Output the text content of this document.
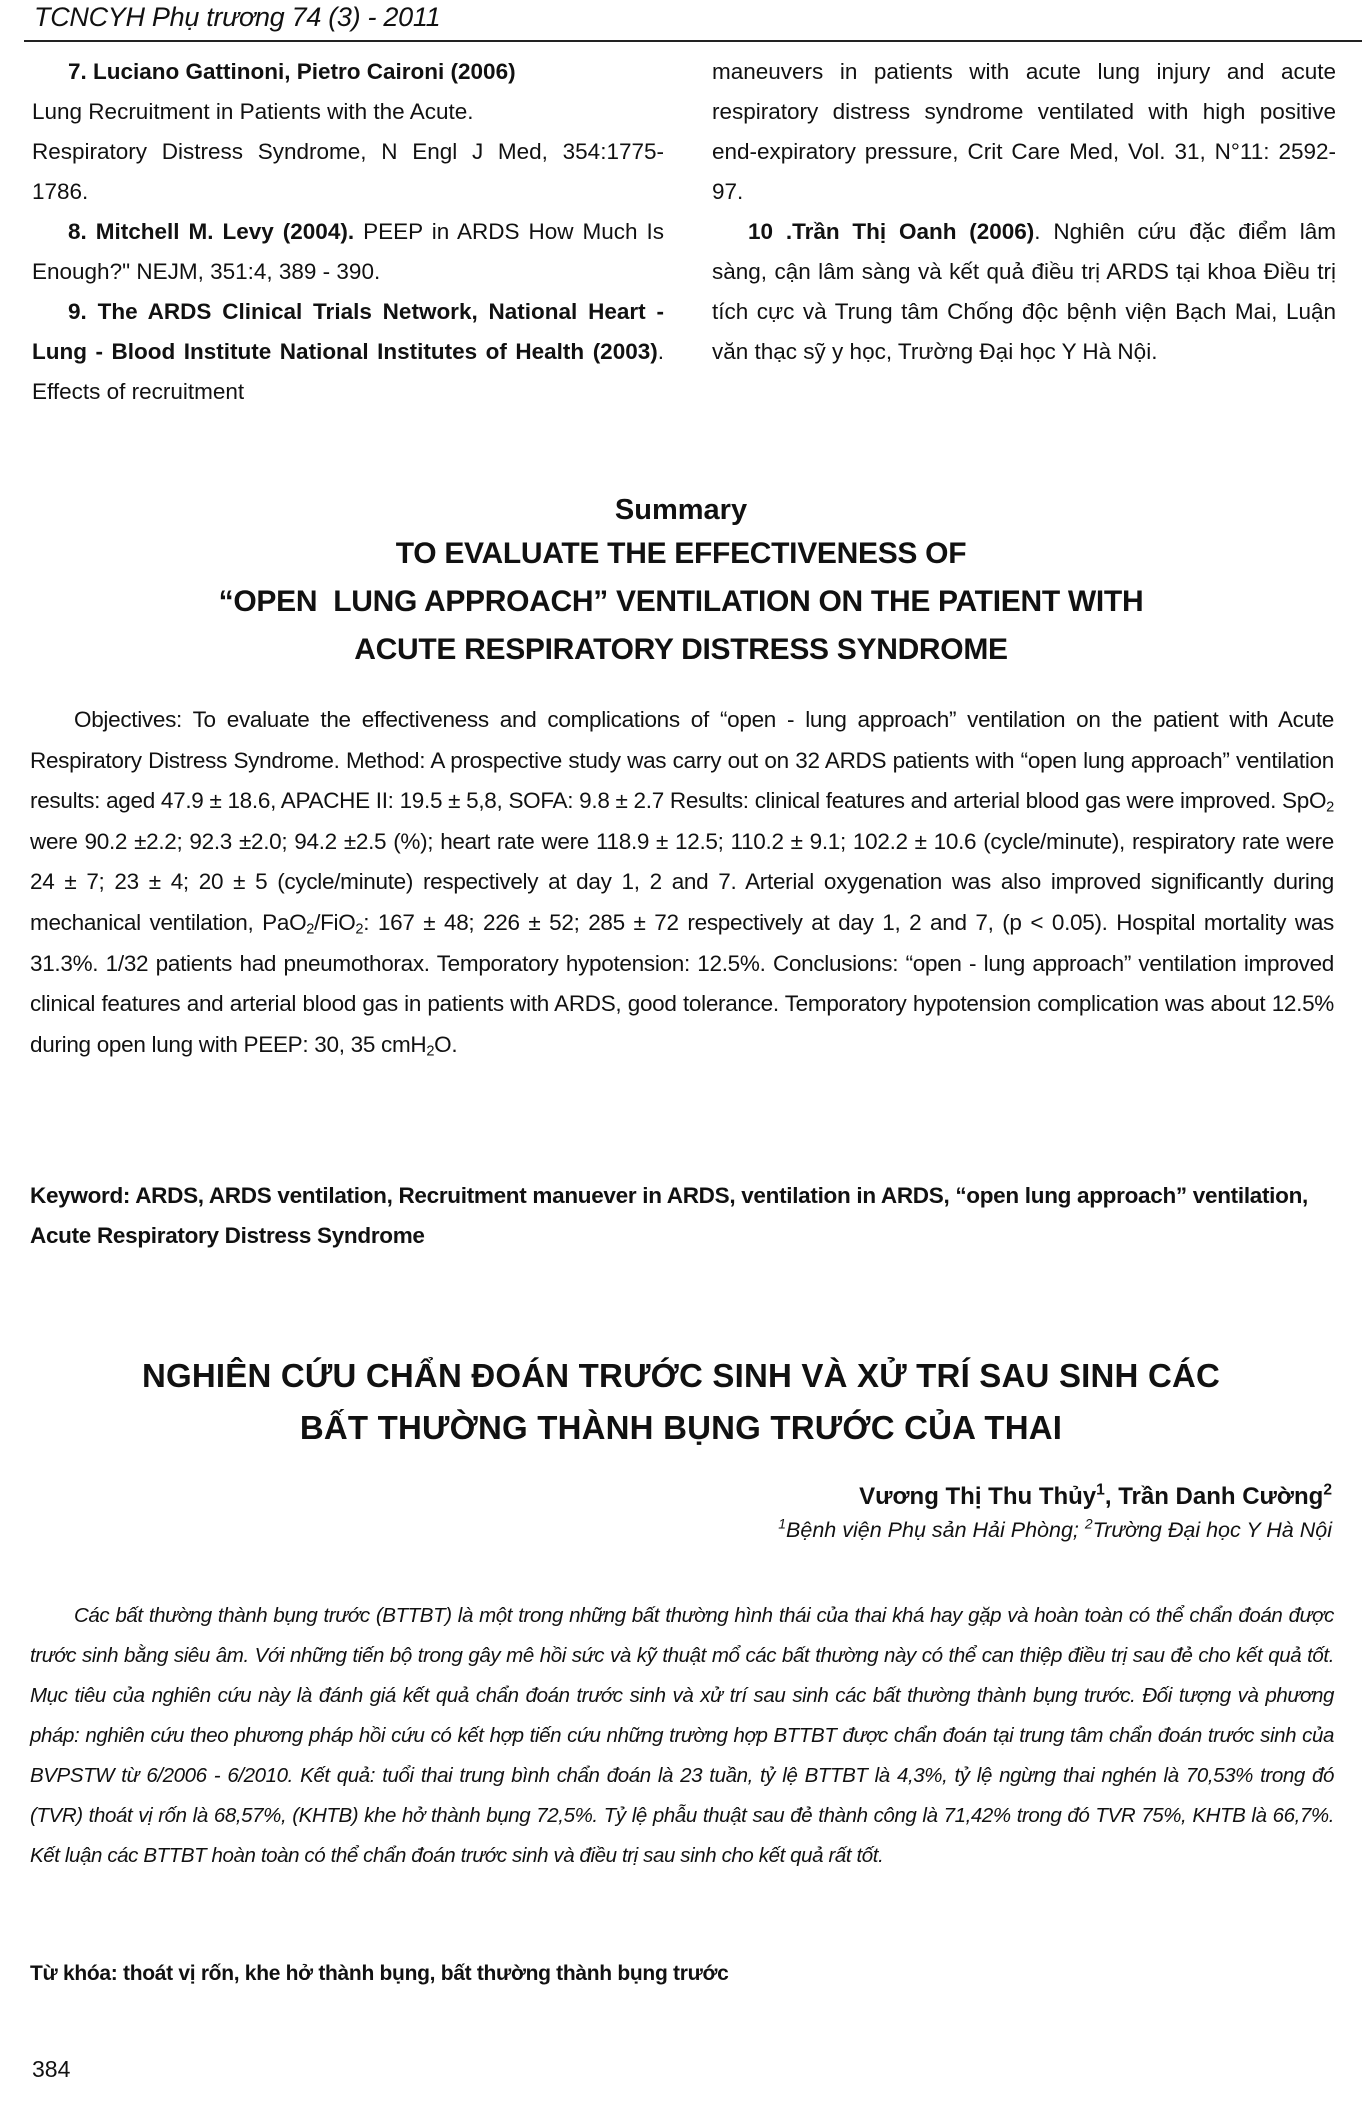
TCNCYH Phụ trương 74 (3) - 2011

7. Luciano Gattinoni, Pietro Caironi (2006)
Lung Recruitment in Patients with the Acute.

Respiratory Distress Syndrome, N Engl J Med, 354:1775- 1786.

8. Mitchell M. Levy (2004). PEEP in ARDS How Much Is Enough?" NEJM, 351:4, 389 - 390.

9. The ARDS Clinical Trials Network, National Heart - Lung - Blood Institute National Institutes of Health (2003). Effects of recruitment

maneuvers in patients with acute lung injury and acute respiratory distress syndrome ventilated with high positive end-expiratory pressure, Crit Care Med, Vol. 31, N°11: 2592-97.

10 .Trần Thị Oanh (2006). Nghiên cứu đặc điểm lâm sàng, cận lâm sàng và kết quả điều trị ARDS tại khoa Điều trị tích cực và Trung tâm Chống độc bệnh viện Bạch Mai, Luận văn thạc sỹ y học, Trường Đại học Y Hà Nội.

Summary
TO EVALUATE THE EFFECTIVENESS OF
“OPEN  LUNG APPROACH” VENTILATION ON THE PATIENT WITH
ACUTE RESPIRATORY DISTRESS SYNDROME

Objectives: To evaluate the effectiveness and complications of “open - lung approach” ventilation on the patient with Acute Respiratory Distress Syndrome. Method: A prospective study was carry out on 32 ARDS patients with “open lung approach” ventilation results: aged 47.9 ± 18.6, APACHE II: 19.5 ± 5,8, SOFA: 9.8 ± 2.7 Results: clinical features and arterial blood gas were improved. SpO$_2$ were 90.2 ±2.2; 92.3 ±2.0; 94.2 ±2.5 (%); heart rate were 118.9 ± 12.5; 110.2 ± 9.1; 102.2 ± 10.6 (cycle/minute), respiratory rate were 24 ± 7; 23 ± 4; 20 ± 5 (cycle/minute) respectively at day 1, 2 and 7. Arterial oxygenation was also improved significantly during mechanical ventilation, PaO$_2$/FiO$_2$: 167 ± 48; 226 ± 52; 285 ± 72 respectively at day 1, 2 and 7, (p < 0.05). Hospital mortality was 31.3%. 1/32 patients had pneumothorax. Temporatory hypotension: 12.5%. Conclusions: “open - lung approach” ventilation improved clinical features and arterial blood gas in patients with ARDS, good tolerance. Temporatory hypotension complication was about 12.5% during open lung with PEEP: 30, 35 cmH$_2$O.

Keyword: ARDS, ARDS ventilation, Recruitment manuever in ARDS, ventilation in ARDS, “open lung approach” ventilation, Acute Respiratory Distress Syndrome

NGHIÊN CỨU CHẨN ĐOÁN TRƯỚC SINH VÀ XỬ TRÍ SAU SINH CÁC
BẤT THƯỜNG THÀNH BỤNG TRƯỚC CỦA THAI
Vương Thị Thu Thủy$^1$, Trần Danh Cường$^2$
$^1$Bệnh viện Phụ sản Hải Phòng; $^2$Trường Đại học Y Hà Nội

Các bất thường thành bụng trước (BTTBT) là một trong những bất thường hình thái của thai khá hay gặp và hoàn toàn có thể chẩn đoán được trước sinh bằng siêu âm. Với những tiến bộ trong gây mê hồi sức và kỹ thuật mổ các bất thường này có thể can thiệp điều trị sau đẻ cho kết quả tốt. Mục tiêu của nghiên cứu này là đánh giá kết quả chẩn đoán trước sinh và xử trí sau sinh các bất thường thành bụng trước. Đối tượng và phương pháp: nghiên cứu theo phương pháp hồi cứu có kết hợp tiến cứu những trường hợp BTTBT được chẩn đoán tại trung tâm chẩn đoán trước sinh của BVPSTW từ 6/2006 - 6/2010. Kết quả: tuổi thai trung bình chẩn đoán là 23 tuần, tỷ lệ BTTBT là 4,3%, tỷ lệ ngừng thai nghén là 70,53% trong đó (TVR) thoát vị rốn là 68,57%, (KHTB) khe hở thành bụng 72,5%. Tỷ lệ phẫu thuật sau đẻ thành công là 71,42% trong đó TVR 75%, KHTB là 66,7%. Kết luận các BTTBT hoàn toàn có thể chẩn đoán trước sinh và điều trị sau sinh cho kết quả rất tốt.

Từ khóa: thoát vị rốn, khe hở thành bụng, bất thường thành bụng trước

384
